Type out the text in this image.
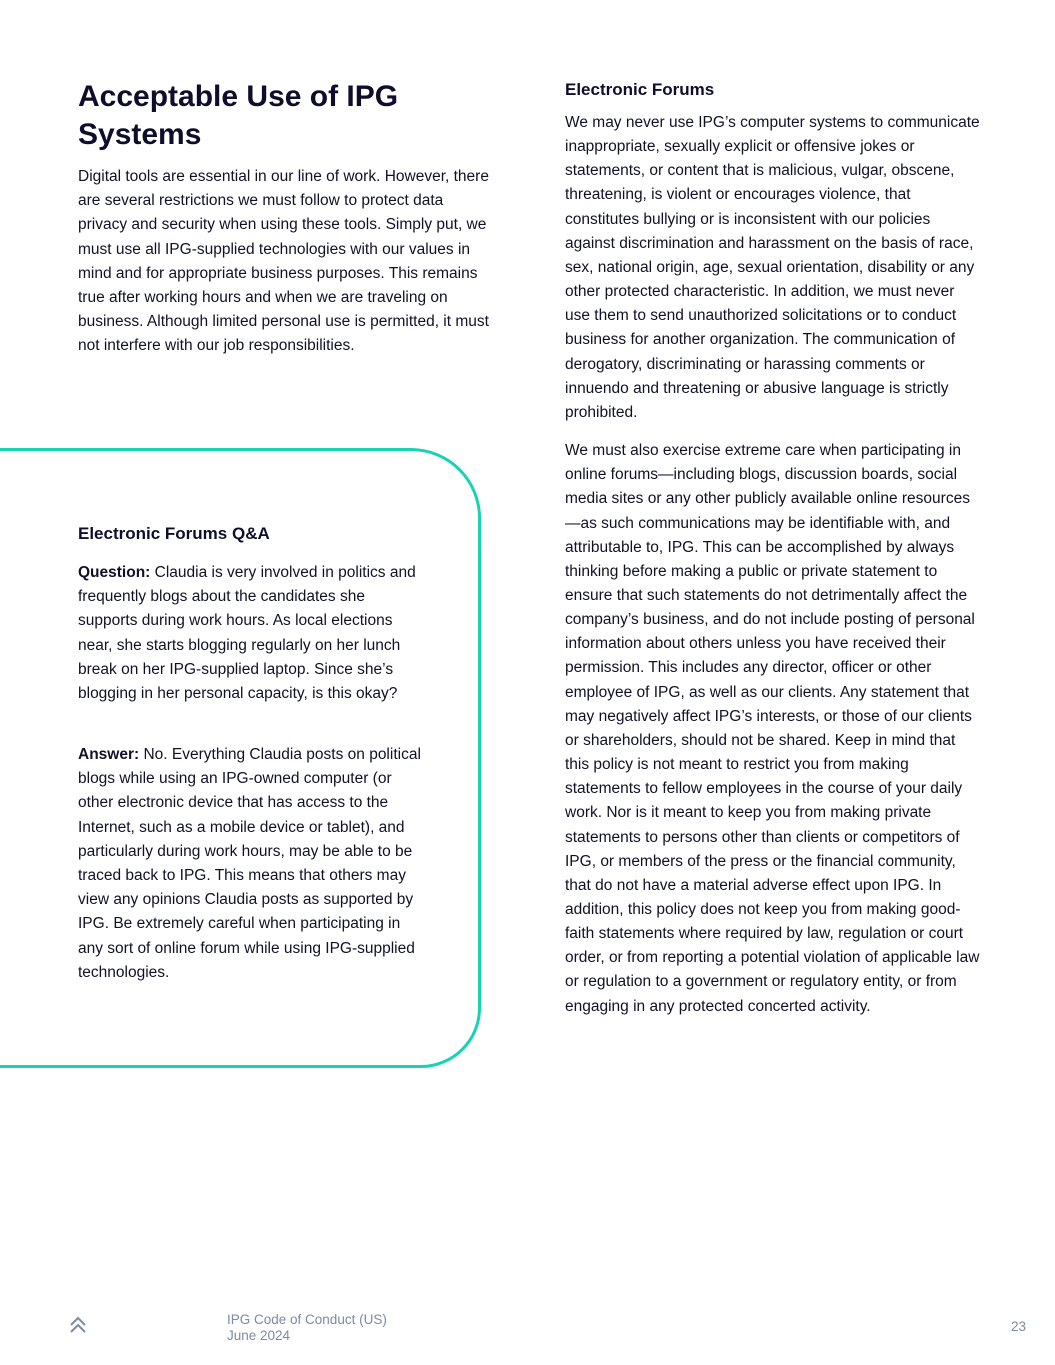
Acceptable Use of IPG Systems

Digital tools are essential in our line of work. However, there are several restrictions we must follow to protect data privacy and security when using these tools. Simply put, we must use all IPG-supplied technologies with our values in mind and for appropriate business purposes. This remains true after working hours and when we are traveling on business. Although limited personal use is permitted, it must not interfere with our job responsibilities.

Electronic Forums Q&A

Question: Claudia is very involved in politics and frequently blogs about the candidates she supports during work hours. As local elections near, she starts blogging regularly on her lunch break on her IPG-supplied laptop. Since she’s blogging in her personal capacity, is this okay?

Answer: No. Everything Claudia posts on political blogs while using an IPG-owned computer (or other electronic device that has access to the Internet, such as a mobile device or tablet), and particularly during work hours, may be able to be traced back to IPG. This means that others may view any opinions Claudia posts as supported by IPG. Be extremely careful when participating in any sort of online forum while using IPG-supplied technologies.

Electronic Forums

We may never use IPG’s computer systems to communicate inappropriate, sexually explicit or offensive jokes or statements, or content that is malicious, vulgar, obscene, threatening, is violent or encourages violence, that constitutes bullying or is inconsistent with our policies against discrimination and harassment on the basis of race, sex, national origin, age, sexual orientation, disability or any other protected characteristic. In addition, we must never use them to send unauthorized solicitations or to conduct business for another organization. The communication of derogatory, discriminating or harassing comments or innuendo and threatening or abusive language is strictly prohibited.

We must also exercise extreme care when participating in online forums—including blogs, discussion boards, social media sites or any other publicly available online resources—as such communications may be identifiable with, and attributable to, IPG. This can be accomplished by always thinking before making a public or private statement to ensure that such statements do not detrimentally affect the company’s business, and do not include posting of personal information about others unless you have received their permission. This includes any director, officer or other employee of IPG, as well as our clients. Any statement that may negatively affect IPG’s interests, or those of our clients or shareholders, should not be shared. Keep in mind that this policy is not meant to restrict you from making statements to fellow employees in the course of your daily work. Nor is it meant to keep you from making private statements to persons other than clients or competitors of IPG, or members of the press or the financial community, that do not have a material adverse effect upon IPG. In addition, this policy does not keep you from making good-faith statements where required by law, regulation or court order, or from reporting a potential violation of applicable law or regulation to a government or regulatory entity, or from engaging in any protected concerted activity.

IPG Code of Conduct (US)
June 2024
23
